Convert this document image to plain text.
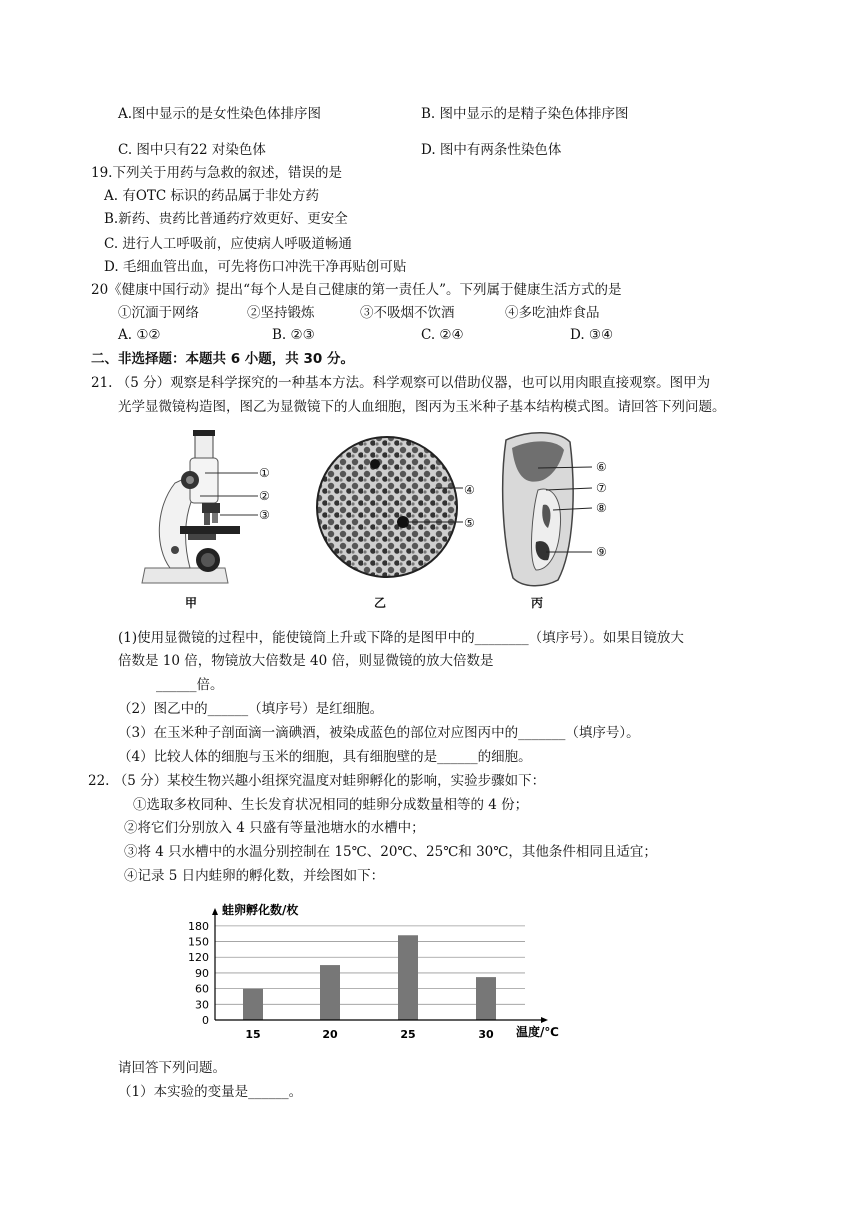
A.图中显示的是女性染色体排序图	B. 图中显示的是精子染色体排序图
C. 图中只有22 对染色体	D. 图中有两条性染色体
19.下列关于用药与急救的叙述，错误的是
A. 有OTC 标识的药品属于非处方药
B.新药、贵药比普通药疗效更好、更安全
C. 进行人工呼吸前，应使病人呼吸道畅通
D. 毛细血管出血，可先将伤口冲洗干净再贴创可贴
20《健康中国行动》提出“每个人是自己健康的第一责任人”。下列属于健康生活方式的是
①沉湎于网络	②坚持锻炼	③不吸烟不饮酒	④多吃油炸食品
A. ①②	B. ②③	C. ②④	D. ③④
二、非选择题：本题共 6 小题，共 30 分。
21. （5 分）观察是科学探究的一种基本方法。科学观察可以借助仪器，也可以用肉眼直接观察。图甲为
光学显微镜构造图，图乙为显微镜下的人血细胞，图丙为玉米种子基本结构模式图。请回答下列问题。
①
②
③
甲
④
⑤
乙
⑥
⑦
⑧
⑨
丙
(1)使用显微镜的过程中，能使镜筒上升或下降的是图甲中的________（填序号）。如果目镜放大
倍数是 10 倍，物镜放大倍数是 40 倍，则显微镜的放大倍数是
______倍。
（2）图乙中的______（填序号）是红细胞。
（3）在玉米种子剖面滴一滴碘酒，被染成蓝色的部位对应图丙中的_______（填序号）。
（4）比较人体的细胞与玉米的细胞，具有细胞壁的是______的细胞。
22. （5 分）某校生物兴趣小组探究温度对蛙卵孵化的影响，实验步骤如下：
①选取多枚同种、生长发育状况相同的蛙卵分成数量相等的 4 份；
②将它们分别放入 4 只盛有等量池塘水的水槽中；
③将 4 只水槽中的水温分别控制在 15℃、20℃、25℃和 30℃，其他条件相同且适宜；
④记录 5 日内蛙卵的孵化数，并绘图如下：
蛙卵孵化数/枚
温度/℃
0
30
60
90
120
150
180
15	20	25	30
请回答下列问题。
（1）本实验的变量是______。
